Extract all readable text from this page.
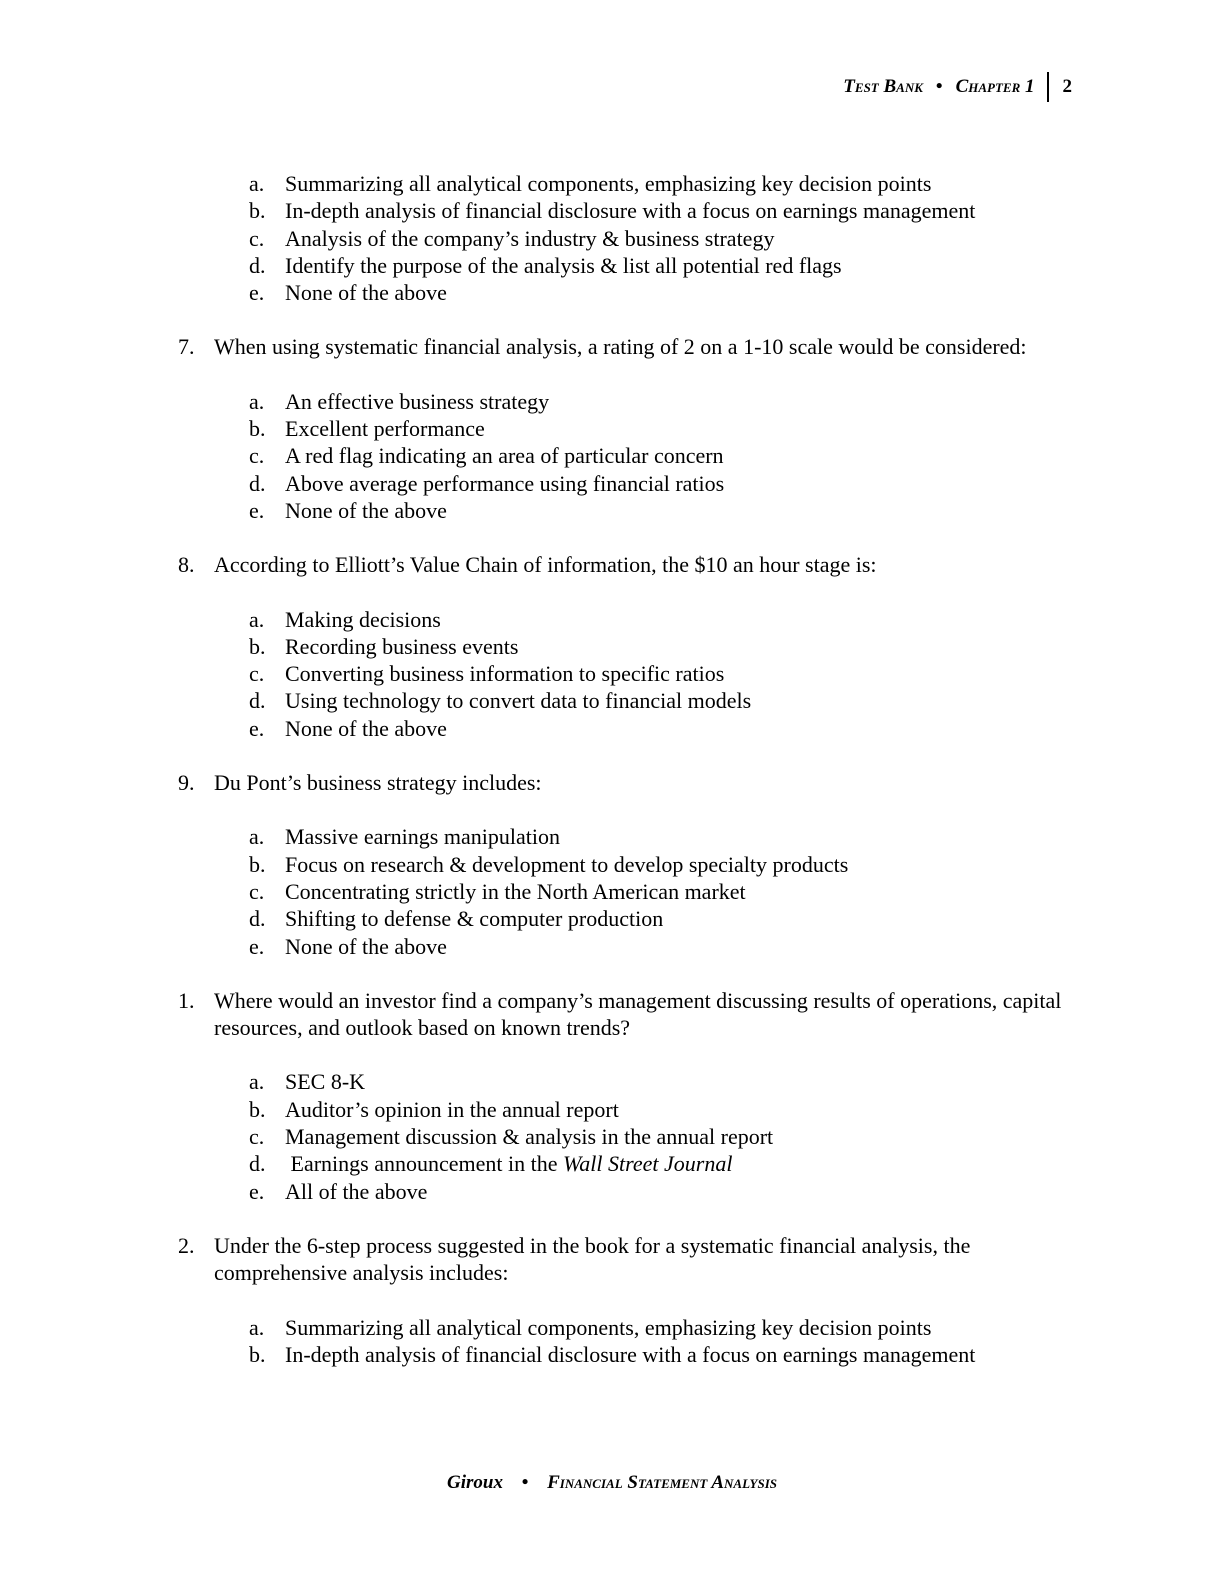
Test Bank • Chapter 1 2
a. Summarizing all analytical components, emphasizing key decision points
b. In-depth analysis of financial disclosure with a focus on earnings management
c. Analysis of the company’s industry & business strategy
d. Identify the purpose of the analysis & list all potential red flags
e. None of the above
7. When using systematic financial analysis, a rating of 2 on a 1-10 scale would be considered:
a. An effective business strategy
b. Excellent performance
c. A red flag indicating an area of particular concern
d. Above average performance using financial ratios
e. None of the above
8. According to Elliott’s Value Chain of information, the $10 an hour stage is:
a. Making decisions
b. Recording business events
c. Converting business information to specific ratios
d. Using technology to convert data to financial models
e. None of the above
9. Du Pont’s business strategy includes:
a. Massive earnings manipulation
b. Focus on research & development to develop specialty products
c. Concentrating strictly in the North American market
d. Shifting to defense & computer production
e. None of the above
1. Where would an investor find a company’s management discussing results of operations, capital resources, and outlook based on known trends?
a. SEC 8-K
b. Auditor’s opinion in the annual report
c. Management discussion & analysis in the annual report
d. Earnings announcement in the Wall Street Journal
e. All of the above
2. Under the 6-step process suggested in the book for a systematic financial analysis, the comprehensive analysis includes:
a. Summarizing all analytical components, emphasizing key decision points
b. In-depth analysis of financial disclosure with a focus on earnings management
Giroux • Financial Statement Analysis
